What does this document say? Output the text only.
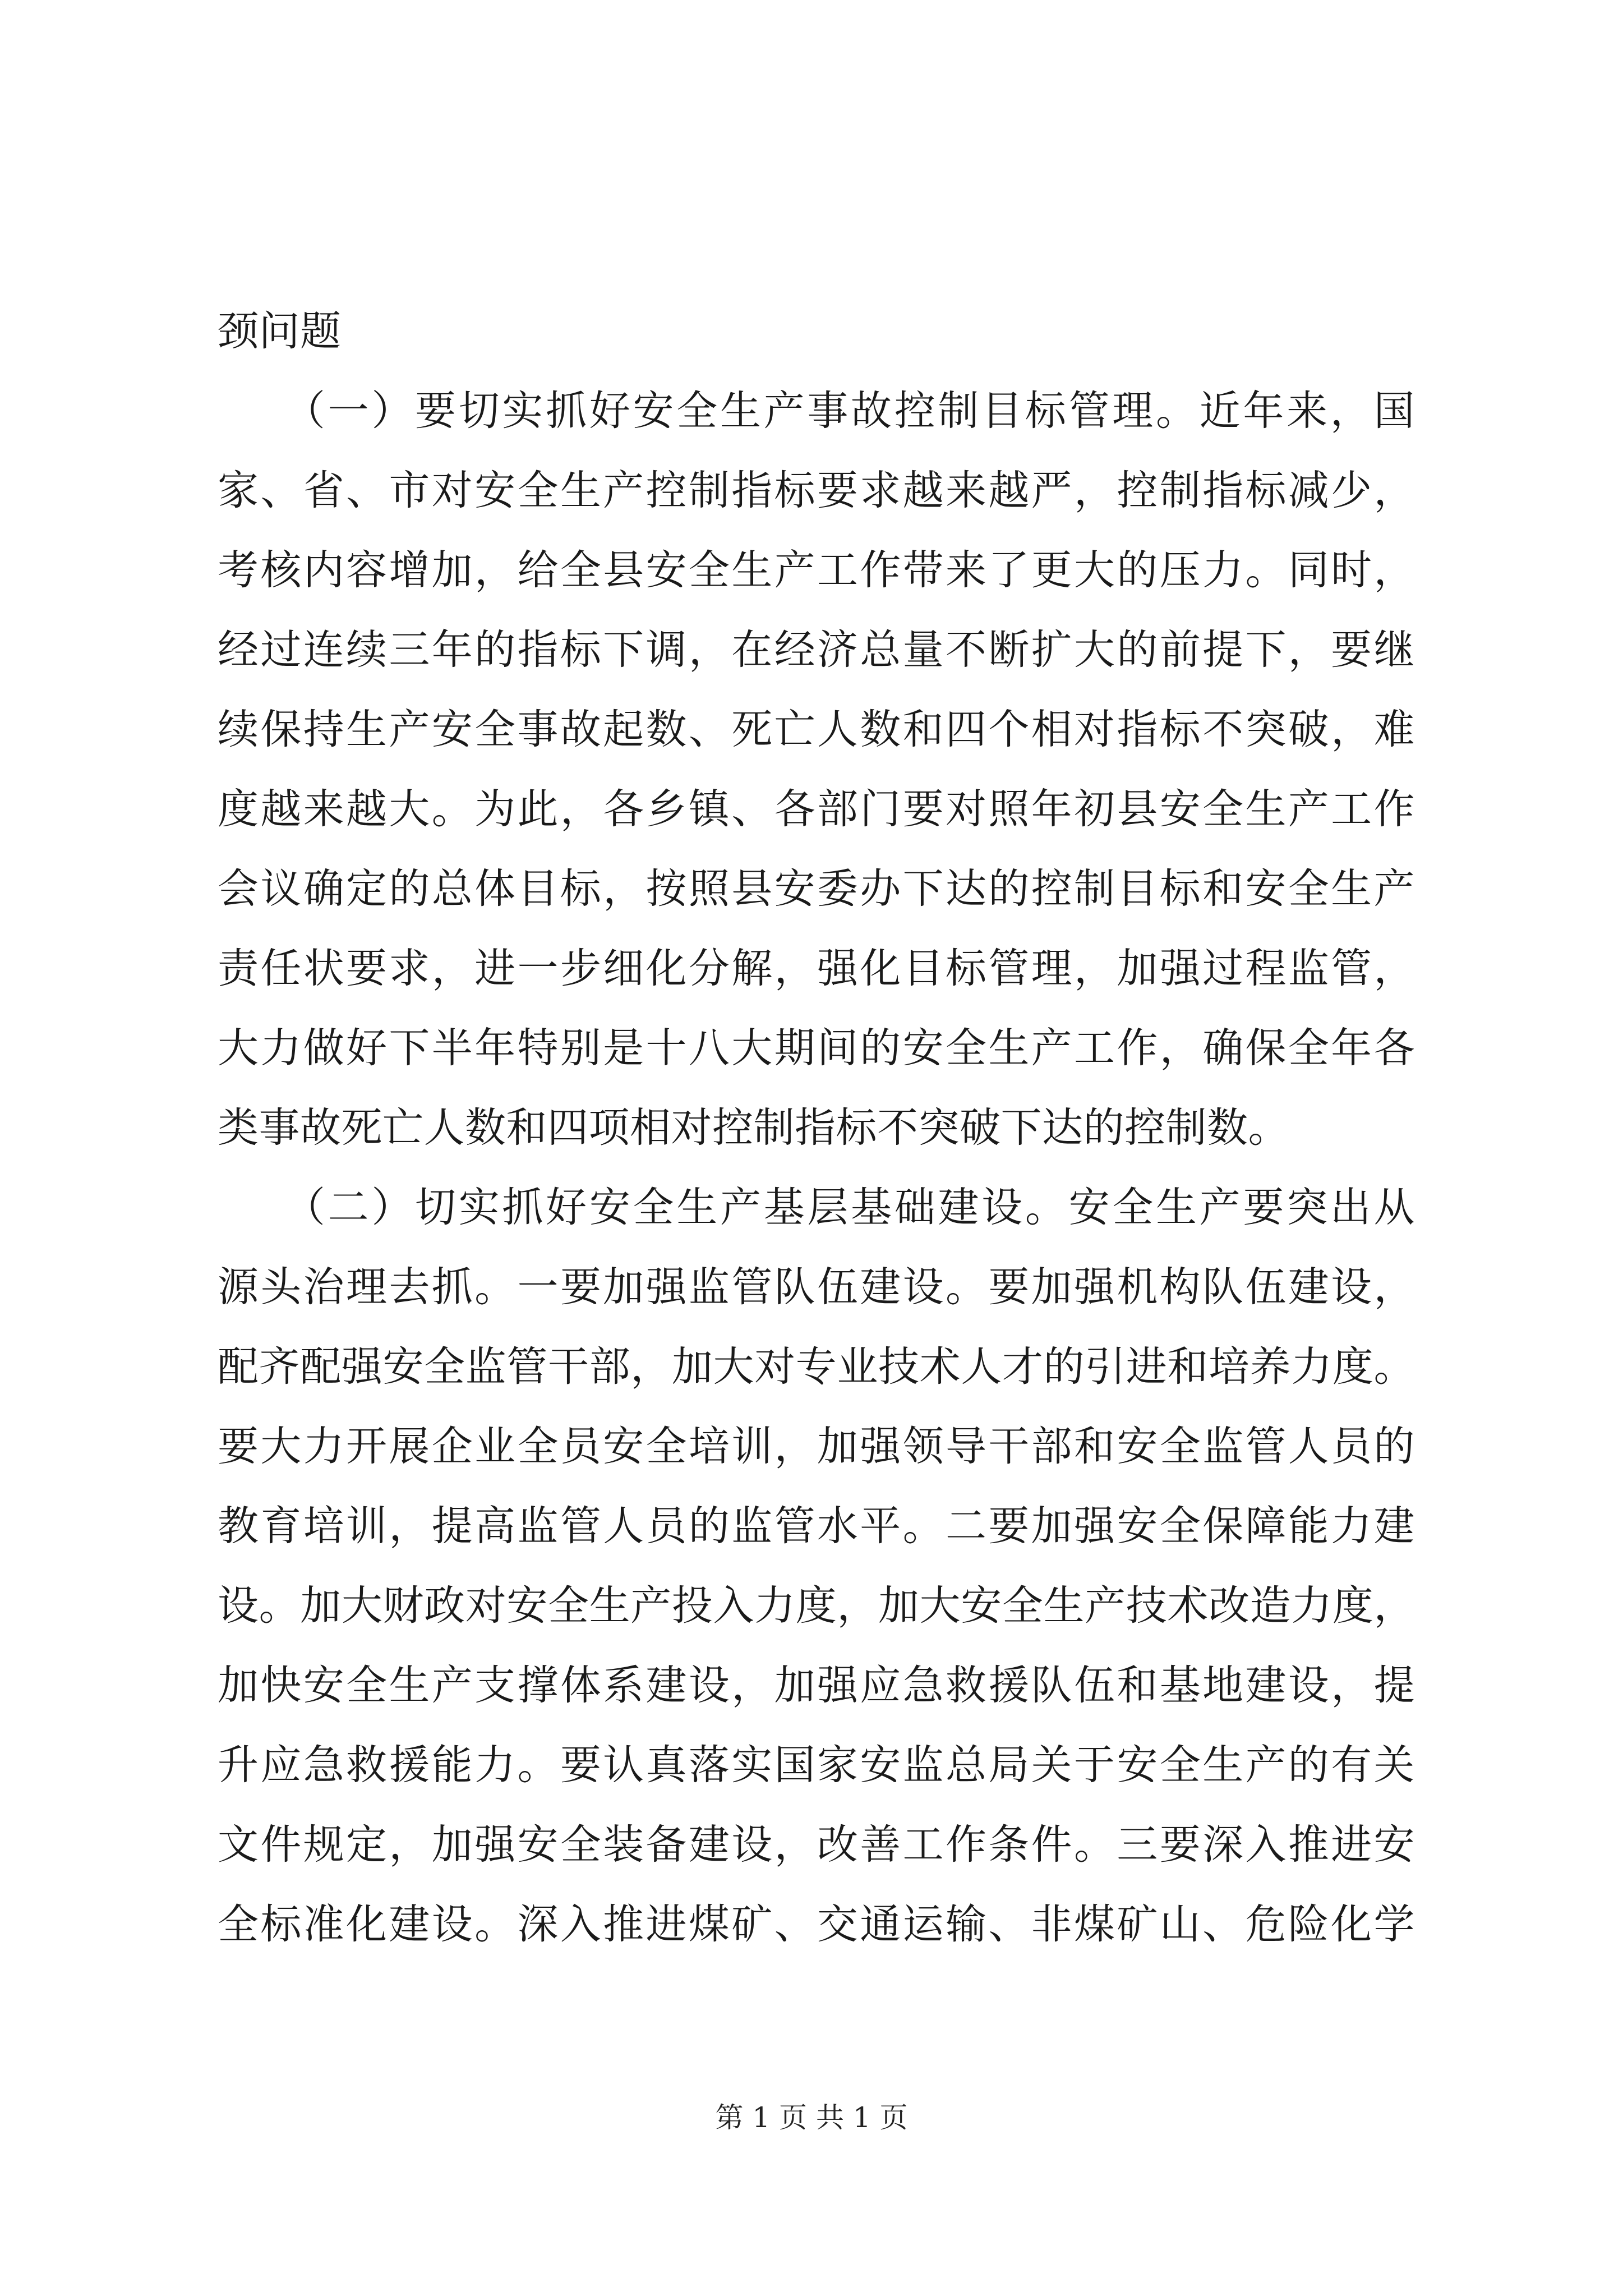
颈问题
　　（一）要切实抓好安全生产事故控制目标管理。近年来，国
家、省、市对安全生产控制指标要求越来越严，控制指标减少，
考核内容增加，给全县安全生产工作带来了更大的压力。同时，
经过连续三年的指标下调，在经济总量不断扩大的前提下，要继
续保持生产安全事故起数、死亡人数和四个相对指标不突破，难
度越来越大。为此，各乡镇、各部门要对照年初县安全生产工作
会议确定的总体目标，按照县安委办下达的控制目标和安全生产
责任状要求，进一步细化分解，强化目标管理，加强过程监管，
大力做好下半年特别是十八大期间的安全生产工作，确保全年各
类事故死亡人数和四项相对控制指标不突破下达的控制数。
　　（二）切实抓好安全生产基层基础建设。安全生产要突出从
源头治理去抓。一要加强监管队伍建设。要加强机构队伍建设，
配齐配强安全监管干部，加大对专业技术人才的引进和培养力度。
要大力开展企业全员安全培训，加强领导干部和安全监管人员的
教育培训，提高监管人员的监管水平。二要加强安全保障能力建
设。加大财政对安全生产投入力度，加大安全生产技术改造力度，
加快安全生产支撑体系建设，加强应急救援队伍和基地建设，提
升应急救援能力。要认真落实国家安监总局关于安全生产的有关
文件规定，加强安全装备建设，改善工作条件。三要深入推进安
全标准化建设。深入推进煤矿、交通运输、非煤矿山、危险化学
第 1 页 共 1 页
